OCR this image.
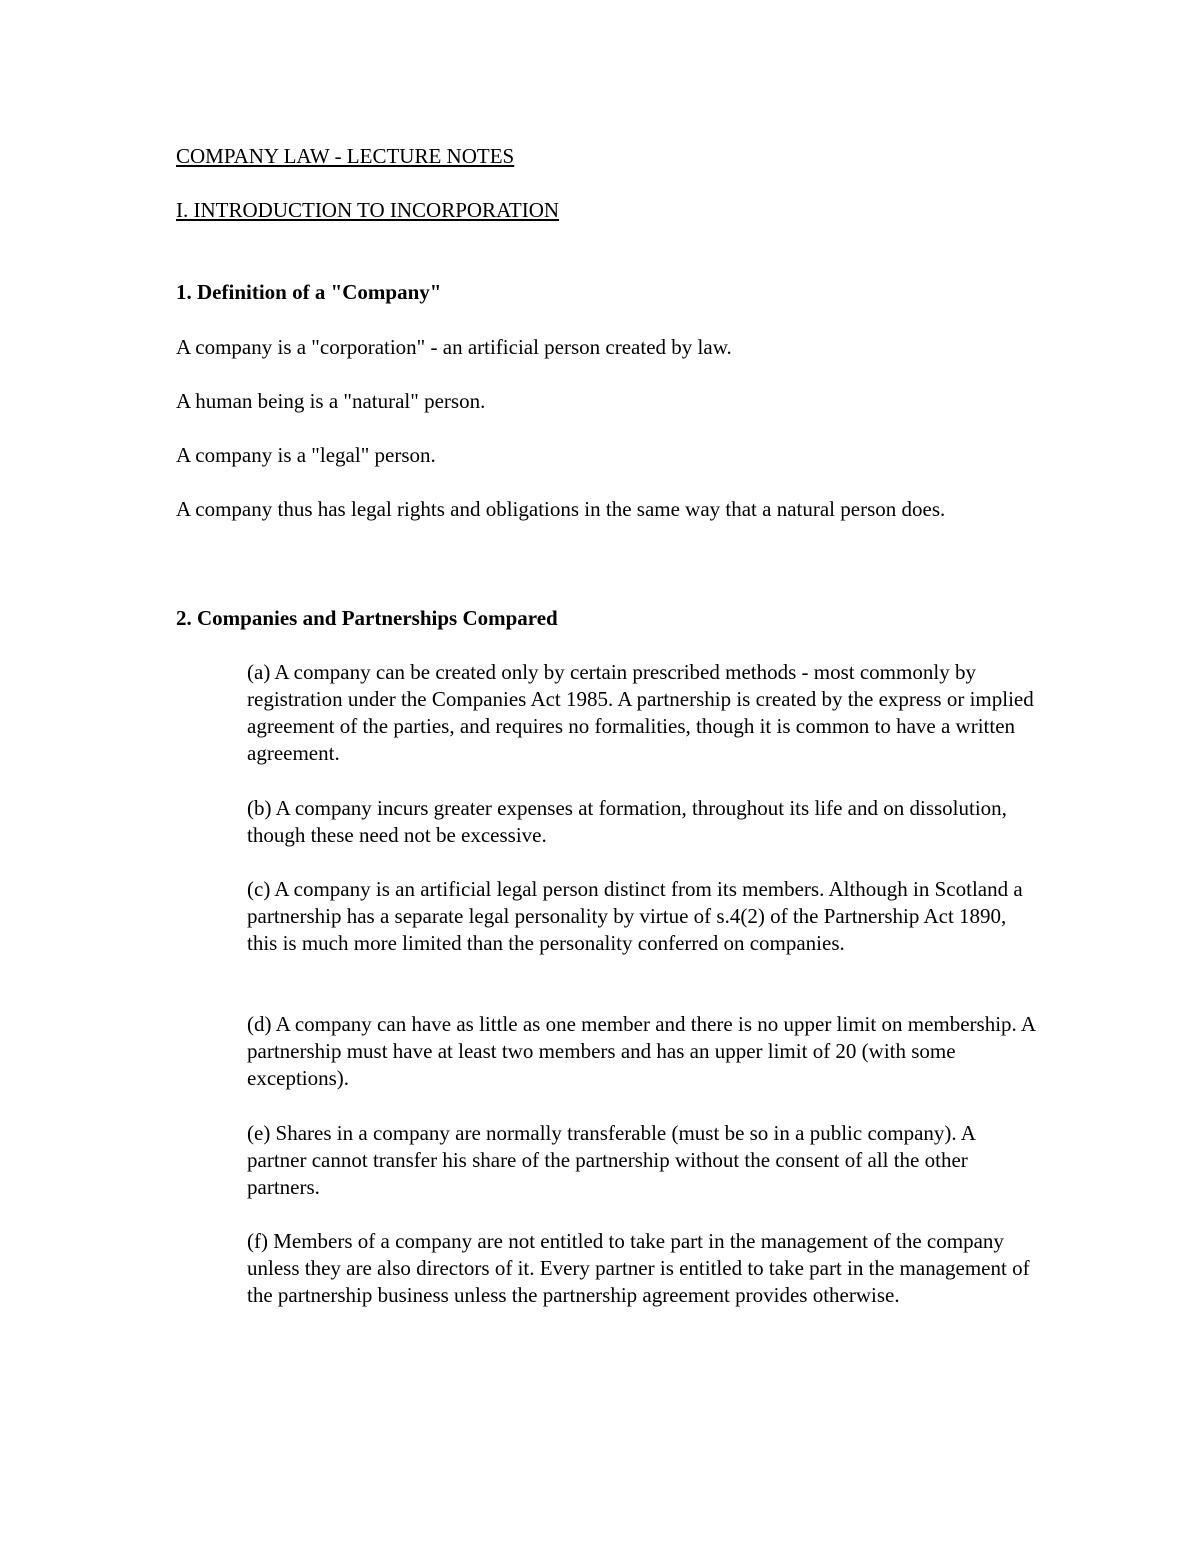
COMPANY LAW - LECTURE NOTES

I. INTRODUCTION TO INCORPORATION

1. Definition of a "Company"

A company is a "corporation" - an artificial person created by law.

A human being is a "natural" person.

A company is a "legal" person.

A company thus has legal rights and obligations in the same way that a natural person does.

2. Companies and Partnerships Compared

(a) A company can be created only by certain prescribed methods - most commonly by registration under the Companies Act 1985. A partnership is created by the express or implied agreement of the parties, and requires no formalities, though it is common to have a written agreement.

(b) A company incurs greater expenses at formation, throughout its life and on dissolution, though these need not be excessive.

(c) A company is an artificial legal person distinct from its members. Although in Scotland a partnership has a separate legal personality by virtue of s.4(2) of the Partnership Act 1890, this is much more limited than the personality conferred on companies.

(d) A company can have as little as one member and there is no upper limit on membership. A partnership must have at least two members and has an upper limit of 20 (with some exceptions).

(e) Shares in a company are normally transferable (must be so in a public company). A partner cannot transfer his share of the partnership without the consent of all the other partners.

(f) Members of a company are not entitled to take part in the management of the company unless they are also directors of it. Every partner is entitled to take part in the management of the partnership business unless the partnership agreement provides otherwise.
